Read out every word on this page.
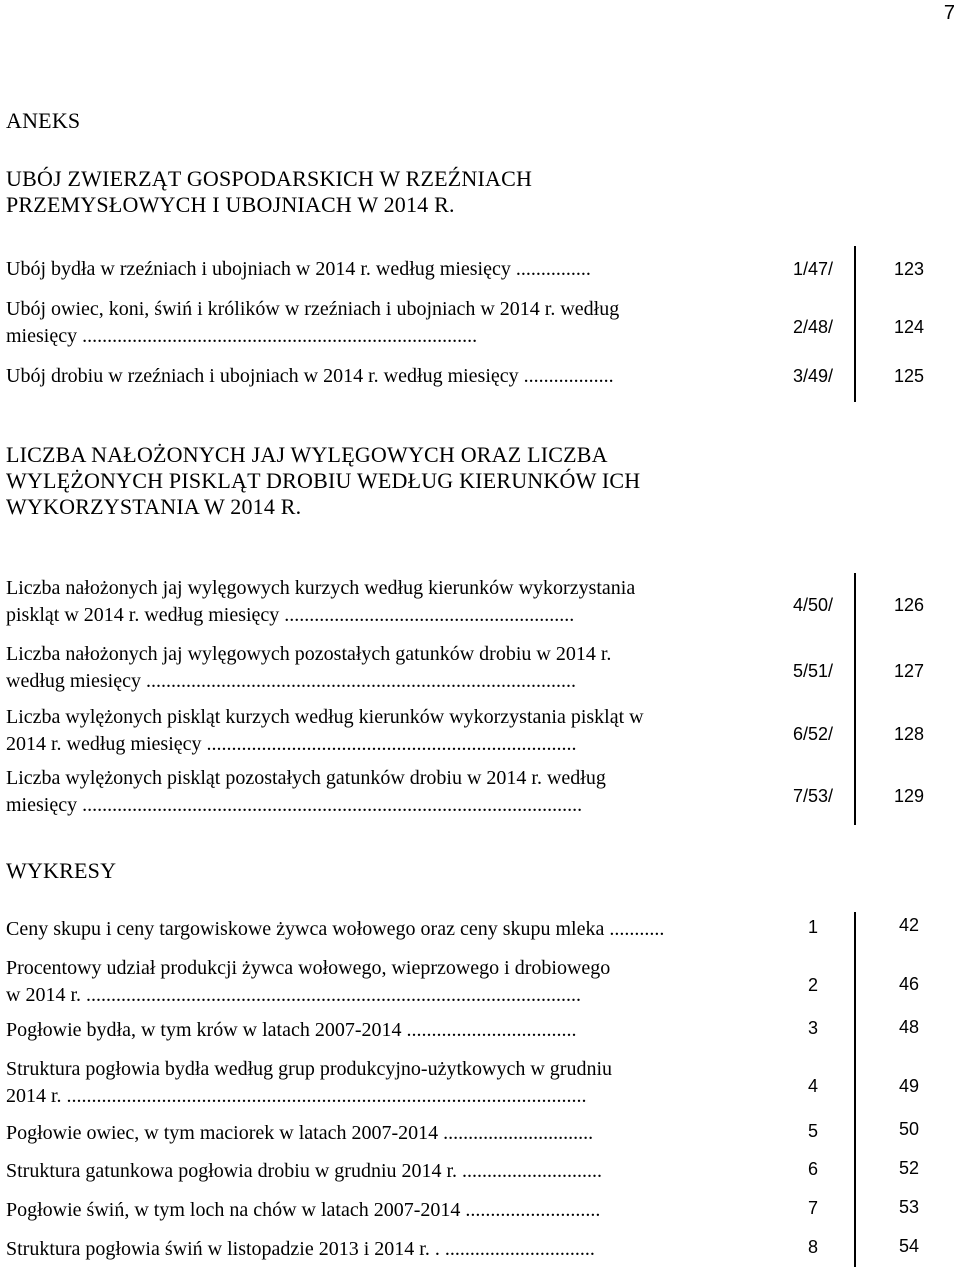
7
ANEKS
UBÓJ ZWIERZĄT GOSPODARSKICH W RZEŹNIACH
PRZEMYSŁOWYCH I UBOJNIACH W 2014 R.
Ubój bydła w rzeźniach i ubojniach w 2014 r. według miesięcy ...............	1/47/	123
Ubój owiec, koni, świń i królików w rzeźniach i ubojniach w 2014 r. według
miesięcy ...............................................................................	2/48/	124
Ubój drobiu w rzeźniach i ubojniach w 2014 r. według miesięcy ..................	3/49/	125
LICZBA NAŁOŻONYCH JAJ WYLĘGOWYCH ORAZ LICZBA
WYLĘŻONYCH PISKLĄT DROBIU WEDŁUG KIERUNKÓW ICH
WYKORZYSTANIA W 2014 R.
Liczba nałożonych jaj wylęgowych kurzych według kierunków wykorzystania
piskląt w 2014 r. według miesięcy ..........................................................	4/50/	126
Liczba nałożonych jaj wylęgowych pozostałych gatunków drobiu w 2014 r.
według miesięcy ......................................................................................	5/51/	127
Liczba wylężonych piskląt kurzych według kierunków wykorzystania piskląt w
2014 r. według miesięcy ..........................................................................	6/52/	128
Liczba wylężonych piskląt pozostałych gatunków drobiu w 2014 r. według
miesięcy ....................................................................................................	7/53/	129
WYKRESY
Ceny skupu i ceny targowiskowe żywca wołowego oraz ceny skupu mleka ...........	1	42
Procentowy udział produkcji żywca wołowego, wieprzowego i drobiowego
w 2014 r. ...................................................................................................	2	46
Pogłowie bydła, w tym krów w latach 2007-2014 ..................................	3	48
Struktura pogłowia bydła według grup produkcyjno-użytkowych w grudniu
2014 r. ........................................................................................................	4	49
Pogłowie owiec, w tym maciorek w latach 2007-2014 ..............................	5	50
Struktura gatunkowa pogłowia drobiu w grudniu 2014 r. ............................	6	52
Pogłowie świń, w tym loch na chów w latach 2007-2014 ...........................	7	53
Struktura pogłowia świń w listopadzie 2013 i 2014 r. . ..............................	8	54
